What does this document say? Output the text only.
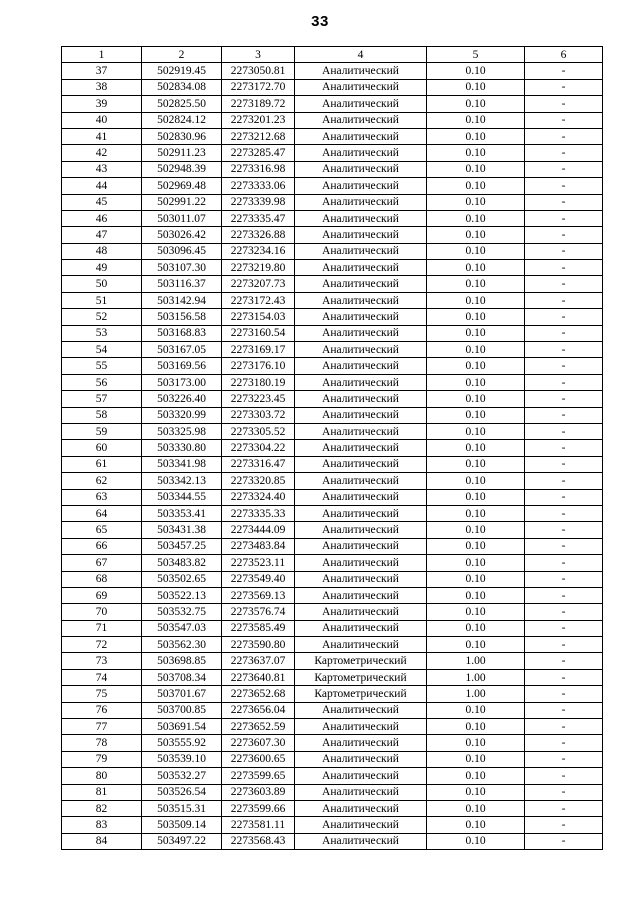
33
1	2	3	4	5	6
37	502919.45	2273050.81	Аналитический	0.10	-
38	502834.08	2273172.70	Аналитический	0.10	-
39	502825.50	2273189.72	Аналитический	0.10	-
40	502824.12	2273201.23	Аналитический	0.10	-
41	502830.96	2273212.68	Аналитический	0.10	-
42	502911.23	2273285.47	Аналитический	0.10	-
43	502948.39	2273316.98	Аналитический	0.10	-
44	502969.48	2273333.06	Аналитический	0.10	-
45	502991.22	2273339.98	Аналитический	0.10	-
46	503011.07	2273335.47	Аналитический	0.10	-
47	503026.42	2273326.88	Аналитический	0.10	-
48	503096.45	2273234.16	Аналитический	0.10	-
49	503107.30	2273219.80	Аналитический	0.10	-
50	503116.37	2273207.73	Аналитический	0.10	-
51	503142.94	2273172.43	Аналитический	0.10	-
52	503156.58	2273154.03	Аналитический	0.10	-
53	503168.83	2273160.54	Аналитический	0.10	-
54	503167.05	2273169.17	Аналитический	0.10	-
55	503169.56	2273176.10	Аналитический	0.10	-
56	503173.00	2273180.19	Аналитический	0.10	-
57	503226.40	2273223.45	Аналитический	0.10	-
58	503320.99	2273303.72	Аналитический	0.10	-
59	503325.98	2273305.52	Аналитический	0.10	-
60	503330.80	2273304.22	Аналитический	0.10	-
61	503341.98	2273316.47	Аналитический	0.10	-
62	503342.13	2273320.85	Аналитический	0.10	-
63	503344.55	2273324.40	Аналитический	0.10	-
64	503353.41	2273335.33	Аналитический	0.10	-
65	503431.38	2273444.09	Аналитический	0.10	-
66	503457.25	2273483.84	Аналитический	0.10	-
67	503483.82	2273523.11	Аналитический	0.10	-
68	503502.65	2273549.40	Аналитический	0.10	-
69	503522.13	2273569.13	Аналитический	0.10	-
70	503532.75	2273576.74	Аналитический	0.10	-
71	503547.03	2273585.49	Аналитический	0.10	-
72	503562.30	2273590.80	Аналитический	0.10	-
73	503698.85	2273637.07	Картометрический	1.00	-
74	503708.34	2273640.81	Картометрический	1.00	-
75	503701.67	2273652.68	Картометрический	1.00	-
76	503700.85	2273656.04	Аналитический	0.10	-
77	503691.54	2273652.59	Аналитический	0.10	-
78	503555.92	2273607.30	Аналитический	0.10	-
79	503539.10	2273600.65	Аналитический	0.10	-
80	503532.27	2273599.65	Аналитический	0.10	-
81	503526.54	2273603.89	Аналитический	0.10	-
82	503515.31	2273599.66	Аналитический	0.10	-
83	503509.14	2273581.11	Аналитический	0.10	-
84	503497.22	2273568.43	Аналитический	0.10	-
